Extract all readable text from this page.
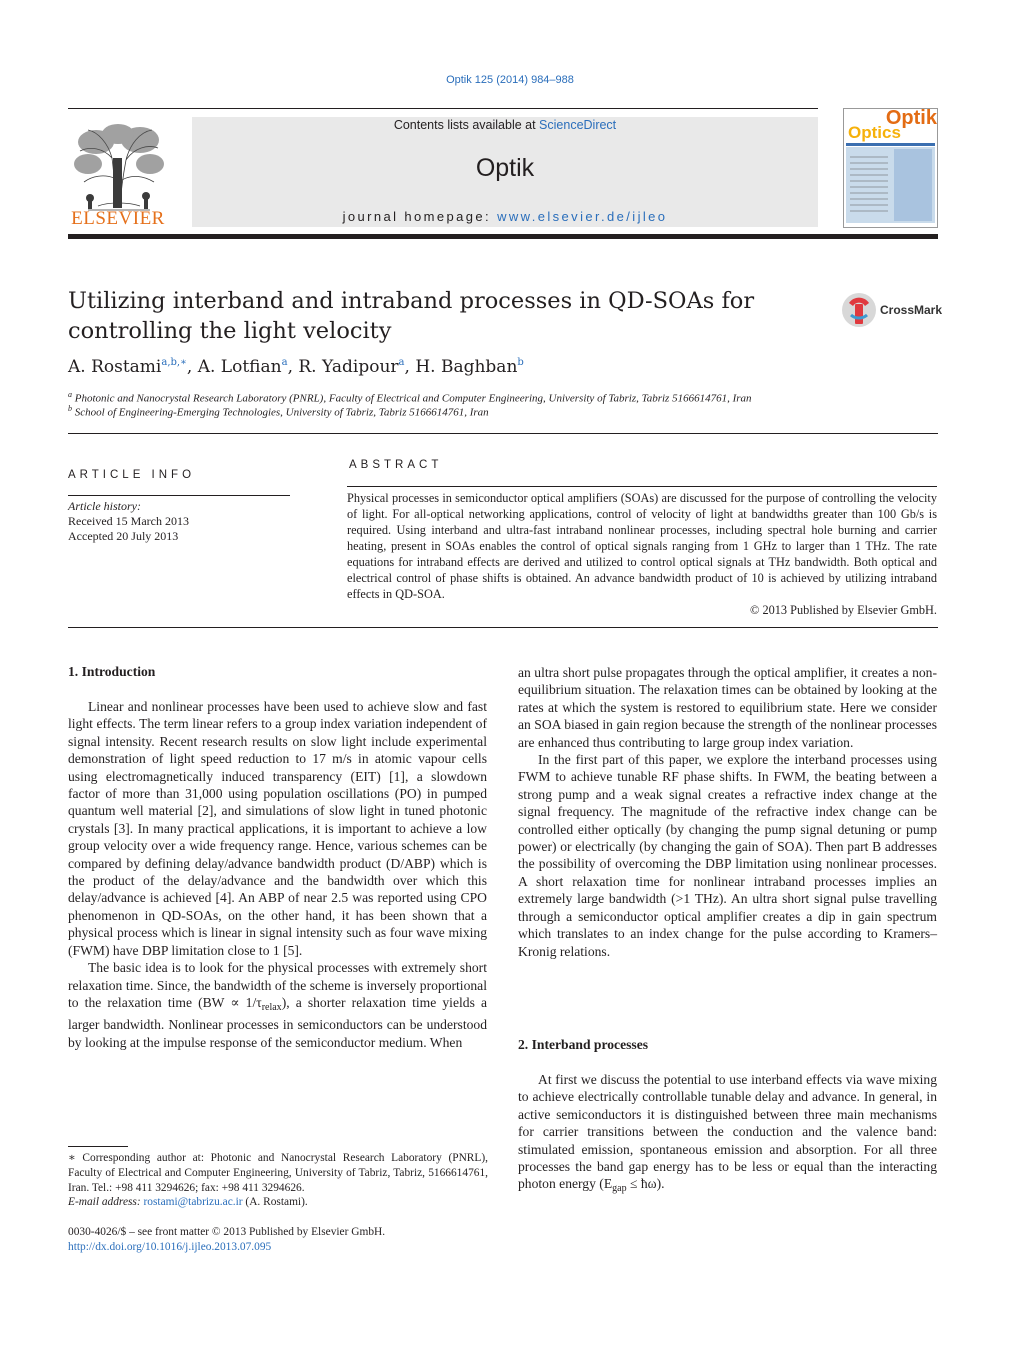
Optik 125 (2014) 984–988
ELSEVIER
Contents lists available at ScienceDirect
Optik
journal homepage: www.elsevier.de/ijleo
Optik
Optics
Utilizing interband and intraband processes in QD-SOAs for
controlling the light velocity
CrossMark
A. Rostami$^{a,b,∗}$, A. Lotfian$^a$, R. Yadipour$^a$, H. Baghban$^b$
$^a$ Photonic and Nanocrystal Research Laboratory (PNRL), Faculty of Electrical and Computer Engineering, University of Tabriz, Tabriz 5166614761, Iran
$^b$ School of Engineering-Emerging Technologies, University of Tabriz, Tabriz 5166614761, Iran
ARTICLE INFO
Article history:
Received 15 March 2013
Accepted 20 July 2013
ABSTRACT
Physical processes in semiconductor optical amplifiers (SOAs) are discussed for the purpose of controlling the velocity of light. For all-optical networking applications, control of velocity of light at bandwidths greater than 100 Gb/s is required. Using interband and ultra-fast intraband nonlinear processes, including spectral hole burning and carrier heating, present in SOAs enables the control of optical signals ranging from 1 GHz to larger than 1 THz. The rate equations for intraband effects are derived and utilized to control optical signals at THz bandwidth. Both optical and electrical control of phase shifts is obtained. An advance bandwidth product of 10 is achieved by utilizing intraband effects in QD-SOA.
© 2013 Published by Elsevier GmbH.
1. Introduction

Linear and nonlinear processes have been used to achieve slow and fast light effects. The term linear refers to a group index variation independent of signal intensity. Recent research results on slow light include experimental demonstration of light speed reduction to 17 m/s in atomic vapour cells using electromagnetically induced transparency (EIT) [1], a slowdown factor of more than 31,000 using population oscillations (PO) in pumped quantum well material [2], and simulations of slow light in tuned photonic crystals [3]. In many practical applications, it is important to achieve a low group velocity over a wide frequency range. Hence, various schemes can be compared by defining delay/advance bandwidth product (D/ABP) which is the product of the delay/advance and the bandwidth over which this delay/advance is achieved [4]. An ABP of near 2.5 was reported using CPO phenomenon in QD-SOAs, on the other hand, it has been shown that a physical process which is linear in signal intensity such as four wave mixing (FWM) have DBP limitation close to 1 [5].

The basic idea is to look for the physical processes with extremely short relaxation time. Since, the bandwidth of the scheme is inversely proportional to the relaxation time $(BW \propto 1/\tau_{relax})$, a shorter relaxation time yields a larger bandwidth. Nonlinear processes in semiconductors can be understood by looking at the impulse response of the semiconductor medium. When

an ultra short pulse propagates through the optical amplifier, it creates a non-equilibrium situation. The relaxation times can be obtained by looking at the rates at which the system is restored to equilibrium state. Here we consider an SOA biased in gain region because the strength of the nonlinear processes are enhanced thus contributing to large group index variation.

In the first part of this paper, we explore the interband processes using FWM to achieve tunable RF phase shifts. In FWM, the beating between a strong pump and a weak signal creates a refractive index change at the signal frequency. The magnitude of the refractive index change can be controlled either optically (by changing the pump signal detuning or pump power) or electrically (by changing the gain of SOA). Then part B addresses the possibility of overcoming the DBP limitation using nonlinear processes. A short relaxation time for nonlinear intraband processes implies an extremely large bandwidth (>1 THz). An ultra short signal pulse travelling through a semiconductor optical amplifier creates a dip in gain spectrum which translates to an index change for the pulse according to Kramers–Kronig relations.

2. Interband processes

At first we discuss the potential to use interband effects via wave mixing to achieve electrically controllable tunable delay and advance. In general, in active semiconductors it is distinguished between three main mechanisms for carrier transitions between the conduction and the valence band: stimulated emission, spontaneous emission and absorption. For all three processes the band gap energy has to be less or equal than the interacting photon energy ($E_{gap}$ ≤ ħω).

∗ Corresponding author at: Photonic and Nanocrystal Research Laboratory (PNRL), Faculty of Electrical and Computer Engineering, University of Tabriz, Tabriz, 5166614761, Iran. Tel.: +98 411 3294626; fax: +98 411 3294626.
E-mail address: rostami@tabrizu.ac.ir (A. Rostami).
0030-4026/$ – see front matter © 2013 Published by Elsevier GmbH.
http://dx.doi.org/10.1016/j.ijleo.2013.07.095
